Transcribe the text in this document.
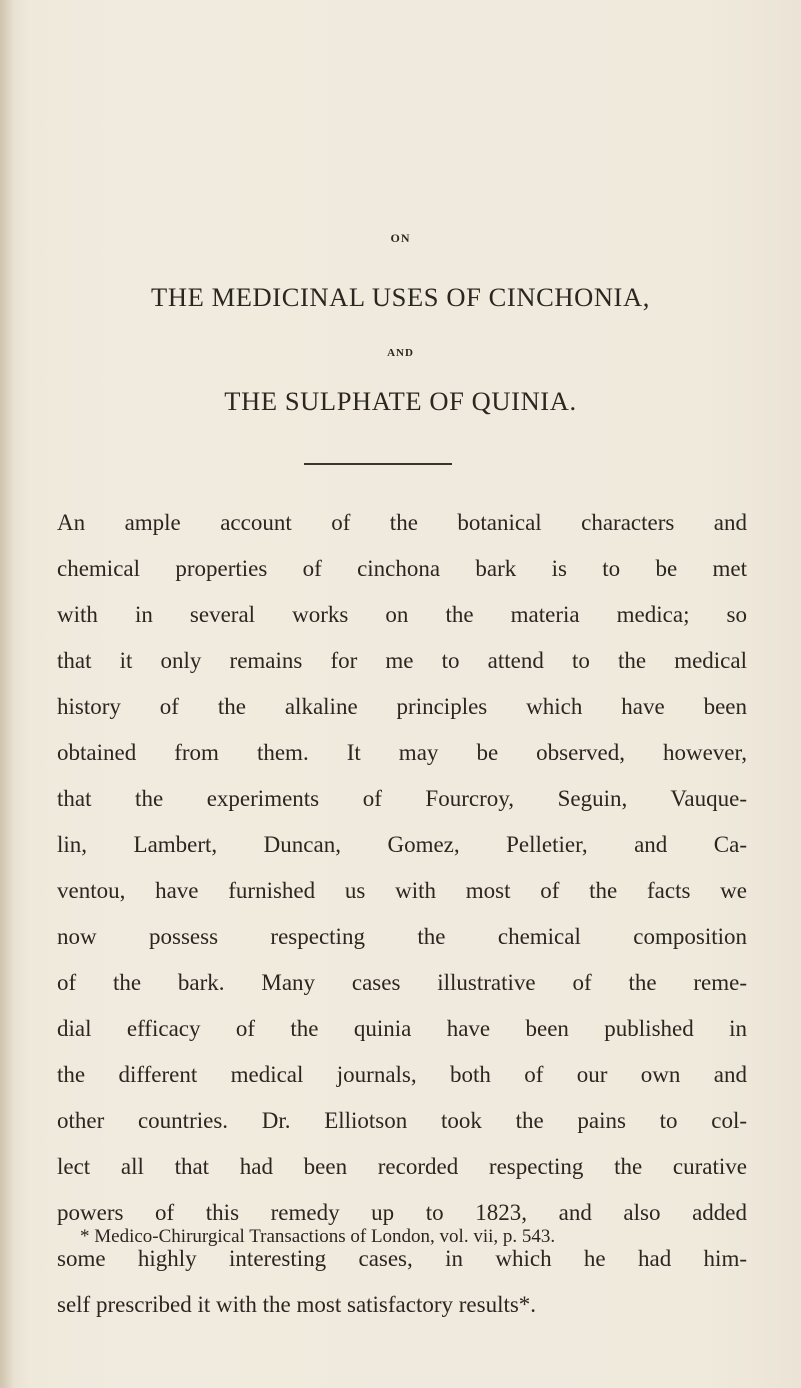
ON
THE MEDICINAL USES OF CINCHONIA,
AND
THE SULPHATE OF QUINIA.
An ample account of the botanical characters and
chemical properties of cinchona bark is to be met
with in several works on the materia medica; so
that it only remains for me to attend to the medical
history of the alkaline principles which have been
obtained from them. It may be observed, however,
that the experiments of Fourcroy, Seguin, Vauque-
lin, Lambert, Duncan, Gomez, Pelletier, and Ca-
ventou, have furnished us with most of the facts we
now possess respecting the chemical composition
of the bark. Many cases illustrative of the reme-
dial efficacy of the quinia have been published in
the different medical journals, both of our own and
other countries. Dr. Elliotson took the pains to col-
lect all that had been recorded respecting the curative
powers of this remedy up to 1823, and also added
some highly interesting cases, in which he had him-
self prescribed it with the most satisfactory results*.
* Medico-Chirurgical Transactions of London, vol. vii, p. 543.
